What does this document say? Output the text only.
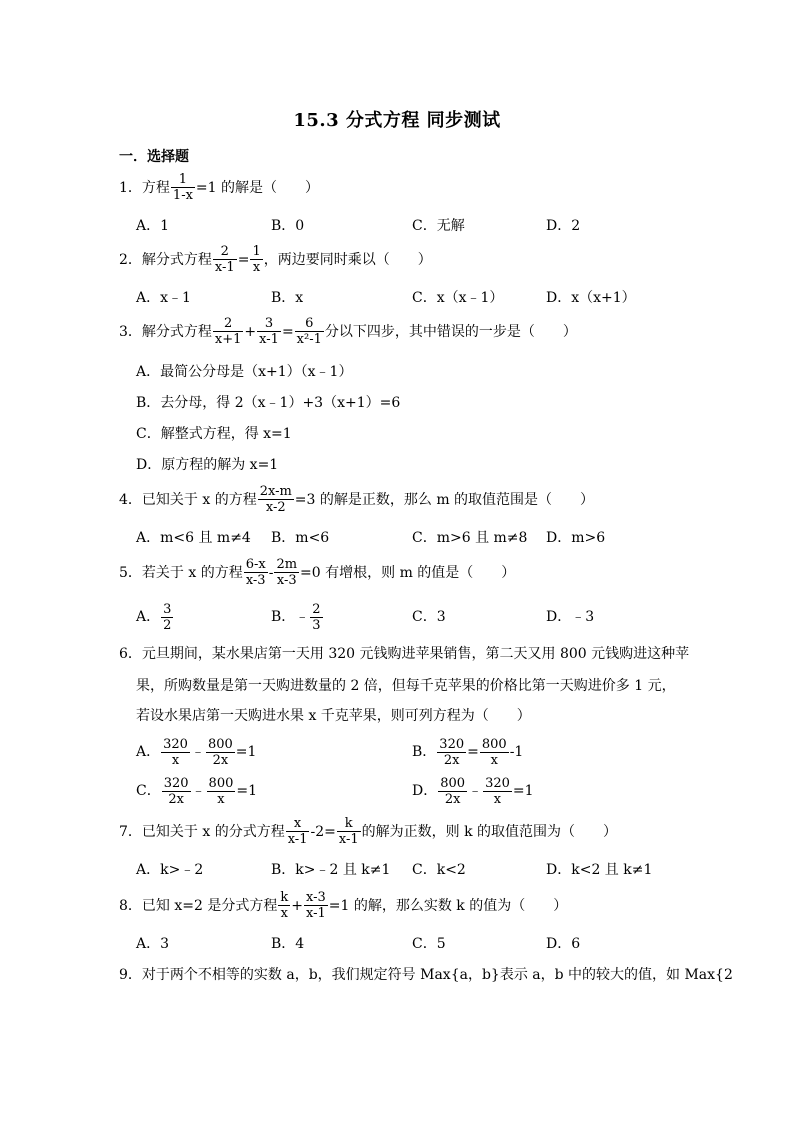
15.3 分式方程 同步测试
一．选择题
1．方程 $\frac{1}{1-x} =1$ 的解是（　　）
A．1	B．0	C．无解	D．2
2．解分式方程 $\frac{2}{x-1} = \frac{1}{x}$ ，两边要同时乘以（　　）
A．x﹣1	B．x	C．x（x﹣1）	D．x（x+1）
3．解分式方程 $\frac{2}{x+1} + \frac{3}{x-1} = \frac{6}{\text{x²-1}}$ 分以下四步，其中错误的一步是（　　）
A．最简公分母是（x+1）（x﹣1）
B．去分母，得 2（x﹣1）+3（x+1）=6
C．解整式方程，得 x=1
D．原方程的解为 x=1
4．已知关于 x 的方程 $\frac{2x-m}{x-2} =3$ 的解是正数，那么 m 的取值范围是（　　）
A．m<6 且 m≠4 B．m<6	C．m>6 且 m≠8 D．m>6
5．若关于 x 的方程 $\frac{6-x}{x-3} - \frac{2m}{x-3} =0$ 有增根，则 m 的值是（　　）
A． $\frac{3}{2}$	B．﹣ $\frac{2}{3}$	C．3	D．﹣3
6．元旦期间，某水果店第一天用 320 元钱购进苹果销售，第二天又用 800 元钱购进这种苹
果，所购数量是第一天购进数量的 2 倍，但每千克苹果的价格比第一天购进价多 1 元，
若设水果店第一天购进水果 x 千克苹果，则可列方程为（　　）
A． $\frac{320}{x}$ ﹣ $\frac{800}{2x} =1$	B． $\frac{320}{2x} = \frac{800}{x} -1$
C． $\frac{320}{2x}$ ﹣ $\frac{800}{x} =1$	D． $\frac{800}{2x}$ ﹣ $\frac{320}{x} =1$
7．已知关于 x 的分式方程 $\frac{x}{x-1} -2= \frac{k}{x-1}$ 的解为正数，则 k 的取值范围为（　　）
A．k>﹣2	B．k>﹣2 且 k≠1 C．k<2	D．k<2 且 k≠1
8．已知 x=2 是分式方程 $\frac{k}{x} + \frac{x-3}{x-1} =1$ 的解，那么实数 k 的值为（　　）
A．3	B．4	C．5	D．6
9．对于两个不相等的实数 a，b，我们规定符号 Max{a，b}表示 a，b 中的较大的值，如 Max{2
